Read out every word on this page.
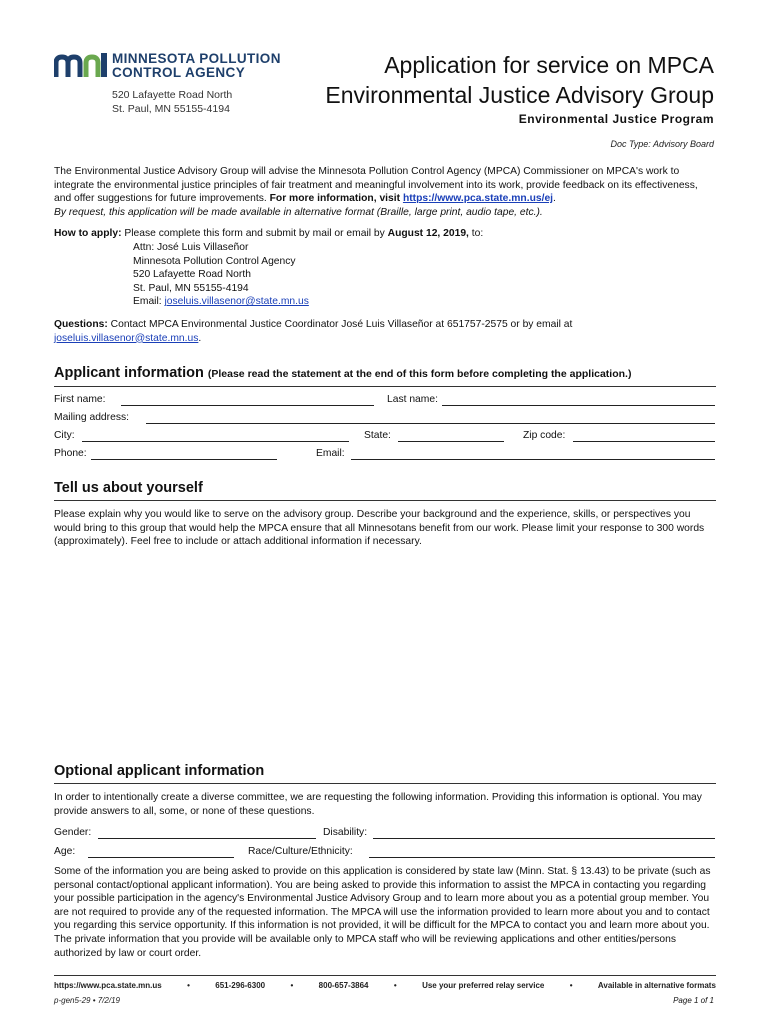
MINNESOTA POLLUTION
CONTROL AGENCY
520 Lafayette Road North
St. Paul, MN 55155-4194
Application for service on MPCA
Environmental Justice Advisory Group
Environmental Justice Program
Doc Type: Advisory Board
The Environmental Justice Advisory Group will advise the Minnesota Pollution Control Agency (MPCA) Commissioner on MPCA's work to integrate the environmental justice principles of fair treatment and meaningful involvement into its work, provide feedback on its effectiveness, and offer suggestions for future improvements. For more information, visit https://www.pca.state.mn.us/ej.
By request, this application will be made available in alternative format (Braille, large print, audio tape, etc.).
How to apply: Please complete this form and submit by mail or email by August 12, 2019, to:
Attn: José Luis Villaseñor
Minnesota Pollution Control Agency
520 Lafayette Road North
St. Paul, MN 55155-4194
Email: joseluis.villasenor@state.mn.us
Questions: Contact MPCA Environmental Justice Coordinator José Luis Villaseñor at 651757-2575 or by email at
joseluis.villasenor@state.mn.us.
Applicant information (Please read the statement at the end of this form before completing the application.)
First name:	Last name:
Mailing address:
City:	State:	Zip code:
Phone:	Email:
Tell us about yourself
Please explain why you would like to serve on the advisory group. Describe your background and the experience, skills, or perspectives you would bring to this group that would help the MPCA ensure that all Minnesotans benefit from our work. Please limit your response to 300 words (approximately). Feel free to include or attach additional information if necessary.
Optional applicant information
In order to intentionally create a diverse committee, we are requesting the following information. Providing this information is optional. You may provide answers to all, some, or none of these questions.
Gender:	Disability:
Age:	Race/Culture/Ethnicity:
Some of the information you are being asked to provide on this application is considered by state law (Minn. Stat. § 13.43) to be private (such as personal contact/optional applicant information). You are being asked to provide this information to assist the MPCA in contacting you regarding your possible participation in the agency's Environmental Justice Advisory Group and to learn more about you as a potential group member. You are not required to provide any of the requested information. The MPCA will use the information provided to learn more about you and to contact you regarding this service opportunity. If this information is not provided, it will be difficult for the MPCA to contact you and learn more about you. The private information that you provide will be available only to MPCA staff who will be reviewing applications and other entities/persons authorized by law or court order.
https://www.pca.state.mn.us	•	651-296-6300	•	800-657-3864	•	Use your preferred relay service	•	Available in alternative formats
p-gen5-29 • 7/2/19	Page 1 of 1
